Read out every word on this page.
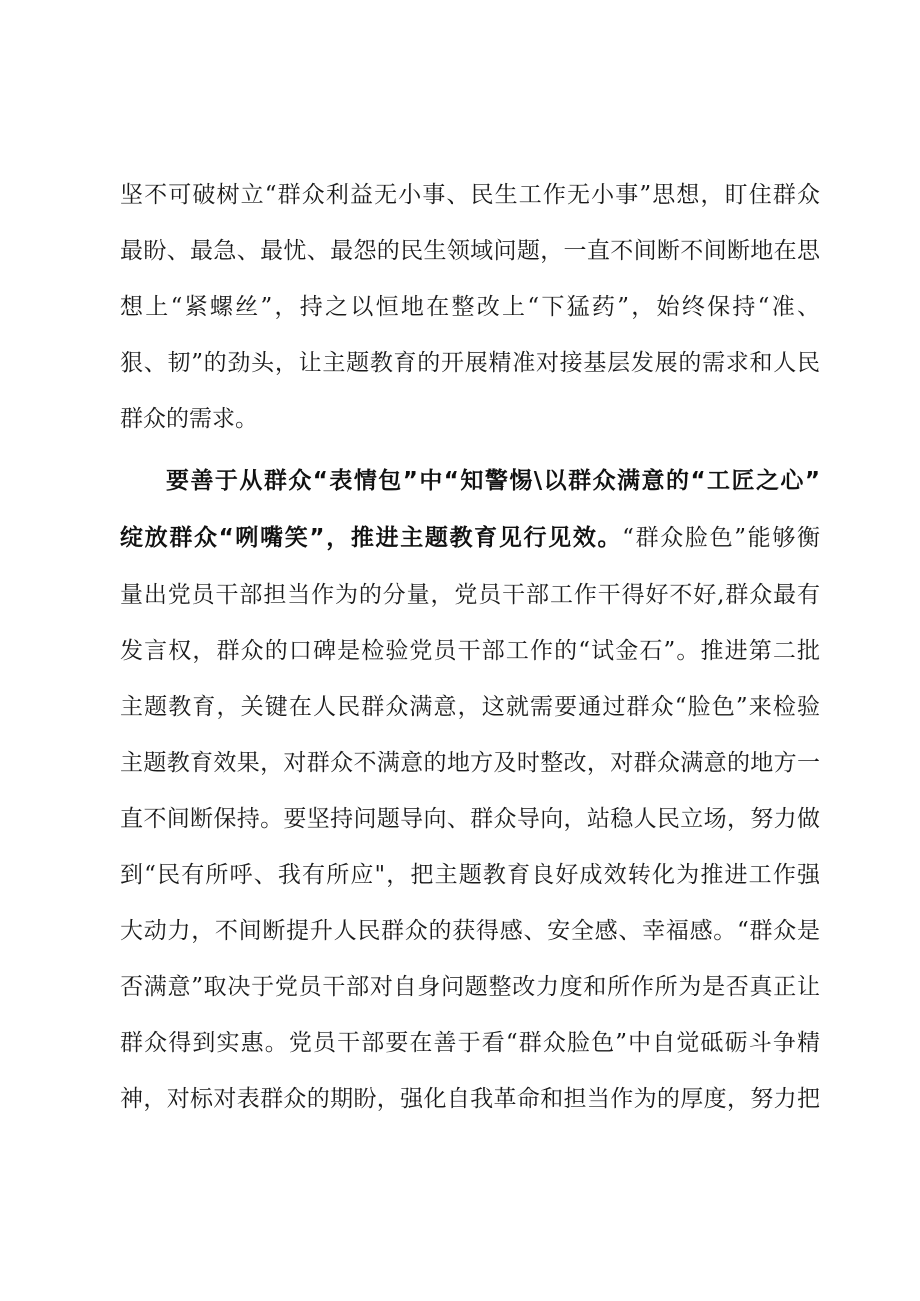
坚不可破树立“群众利益无小事、民生工作无小事”思想，盯住群众
最盼、最急、最忧、最怨的民生领域问题，一直不间断不间断地在思
想上“紧螺丝”，持之以恒地在整改上“下猛药”，始终保持“准、
狠、韧”的劲头，让主题教育的开展精准对接基层发展的需求和人民
群众的需求。
要善于从群众“表情包”中“知警惕\以群众满意的“工匠之心”
绽放群众“咧嘴笑”，推进主题教育见行见效。“群众脸色”能够衡
量出党员干部担当作为的分量，党员干部工作干得好不好,群众最有
发言权，群众的口碑是检验党员干部工作的“试金石”。推进第二批
主题教育，关键在人民群众满意，这就需要通过群众“脸色”来检验
主题教育效果，对群众不满意的地方及时整改，对群众满意的地方一
直不间断保持。要坚持问题导向、群众导向，站稳人民立场，努力做
到“民有所呼、我有所应"，把主题教育良好成效转化为推进工作强
大动力，不间断提升人民群众的获得感、安全感、幸福感。“群众是
否满意”取决于党员干部对自身问题整改力度和所作所为是否真正让
群众得到实惠。党员干部要在善于看“群众脸色”中自觉砥砺斗争精
神，对标对表群众的期盼，强化自我革命和担当作为的厚度，努力把
